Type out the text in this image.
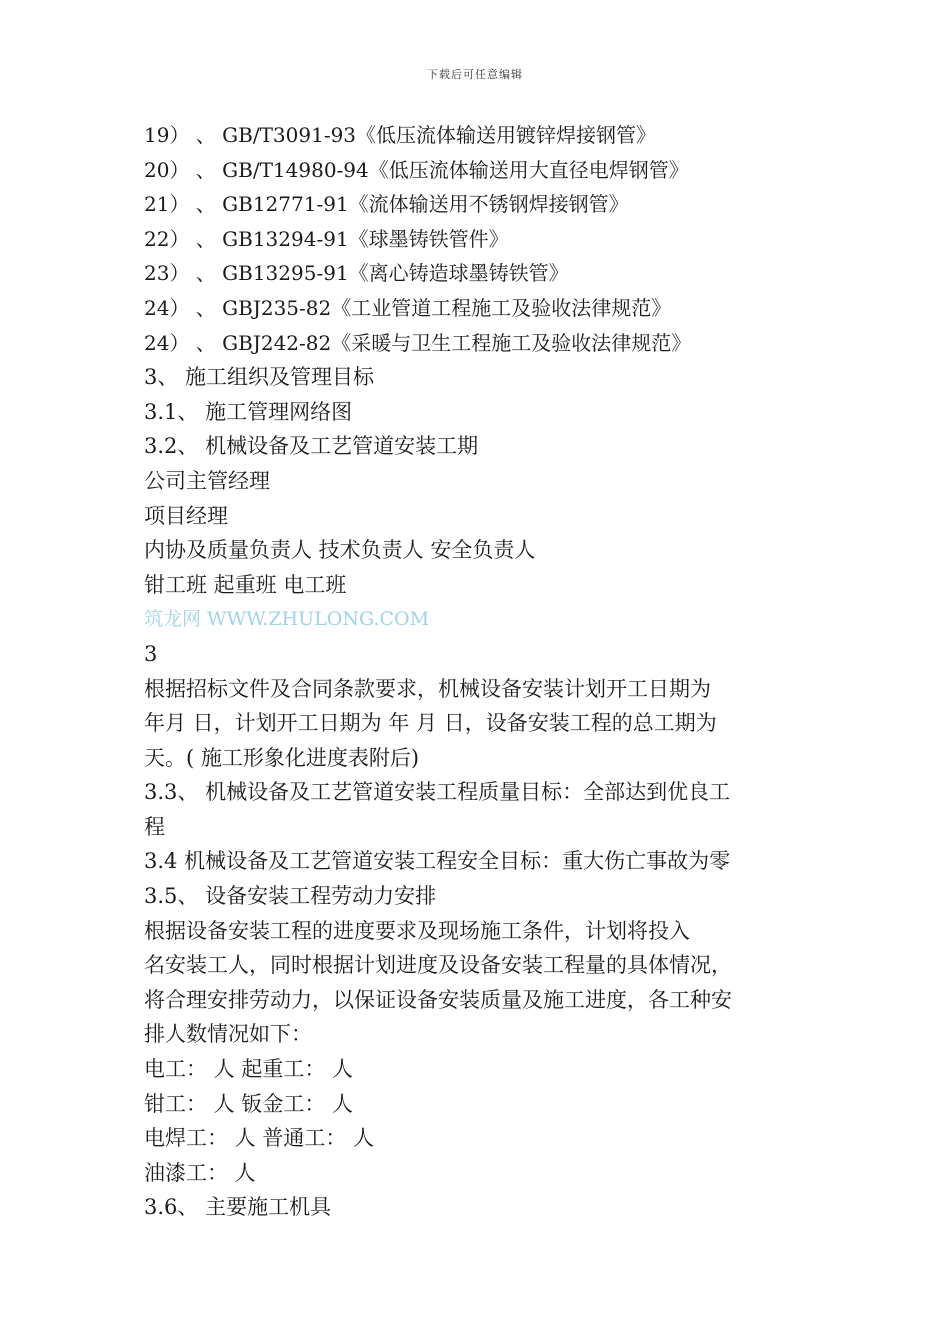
下载后可任意编辑
19） 、 GB/T3091-93《低压流体输送用镀锌焊接钢管》
20） 、 GB/T14980-94《低压流体输送用大直径电焊钢管》
21） 、 GB12771-91《流体输送用不锈钢焊接钢管》
22） 、 GB13294-91《球墨铸铁管件》
23） 、 GB13295-91《离心铸造球墨铸铁管》
24） 、 GBJ235-82《工业管道工程施工及验收法律规范》
24） 、 GBJ242-82《采暖与卫生工程施工及验收法律规范》
3、 施工组织及管理目标
3.1、 施工管理网络图
3.2、 机械设备及工艺管道安装工期
公司主管经理
项目经理
内协及质量负责人 技术负责人 安全负责人
钳工班 起重班 电工班
筑龙网 WWW.ZHULONG.COM
3
根据招标文件及合同条款要求，机械设备安装计划开工日期为
年月 日，计划开工日期为 年 月 日，设备安装工程的总工期为
天。( 施工形象化进度表附后)
3.3、 机械设备及工艺管道安装工程质量目标：全部达到优良工
程
3.4 机械设备及工艺管道安装工程安全目标：重大伤亡事故为零
3.5、 设备安装工程劳动力安排
根据设备安装工程的进度要求及现场施工条件，计划将投入
名安装工人，同时根据计划进度及设备安装工程量的具体情况，
将合理安排劳动力，以保证设备安装质量及施工进度，各工种安
排人数情况如下：
电工： 人 起重工： 人
钳工： 人 钣金工： 人
电焊工： 人 普通工： 人
油漆工： 人
3.6、 主要施工机具
